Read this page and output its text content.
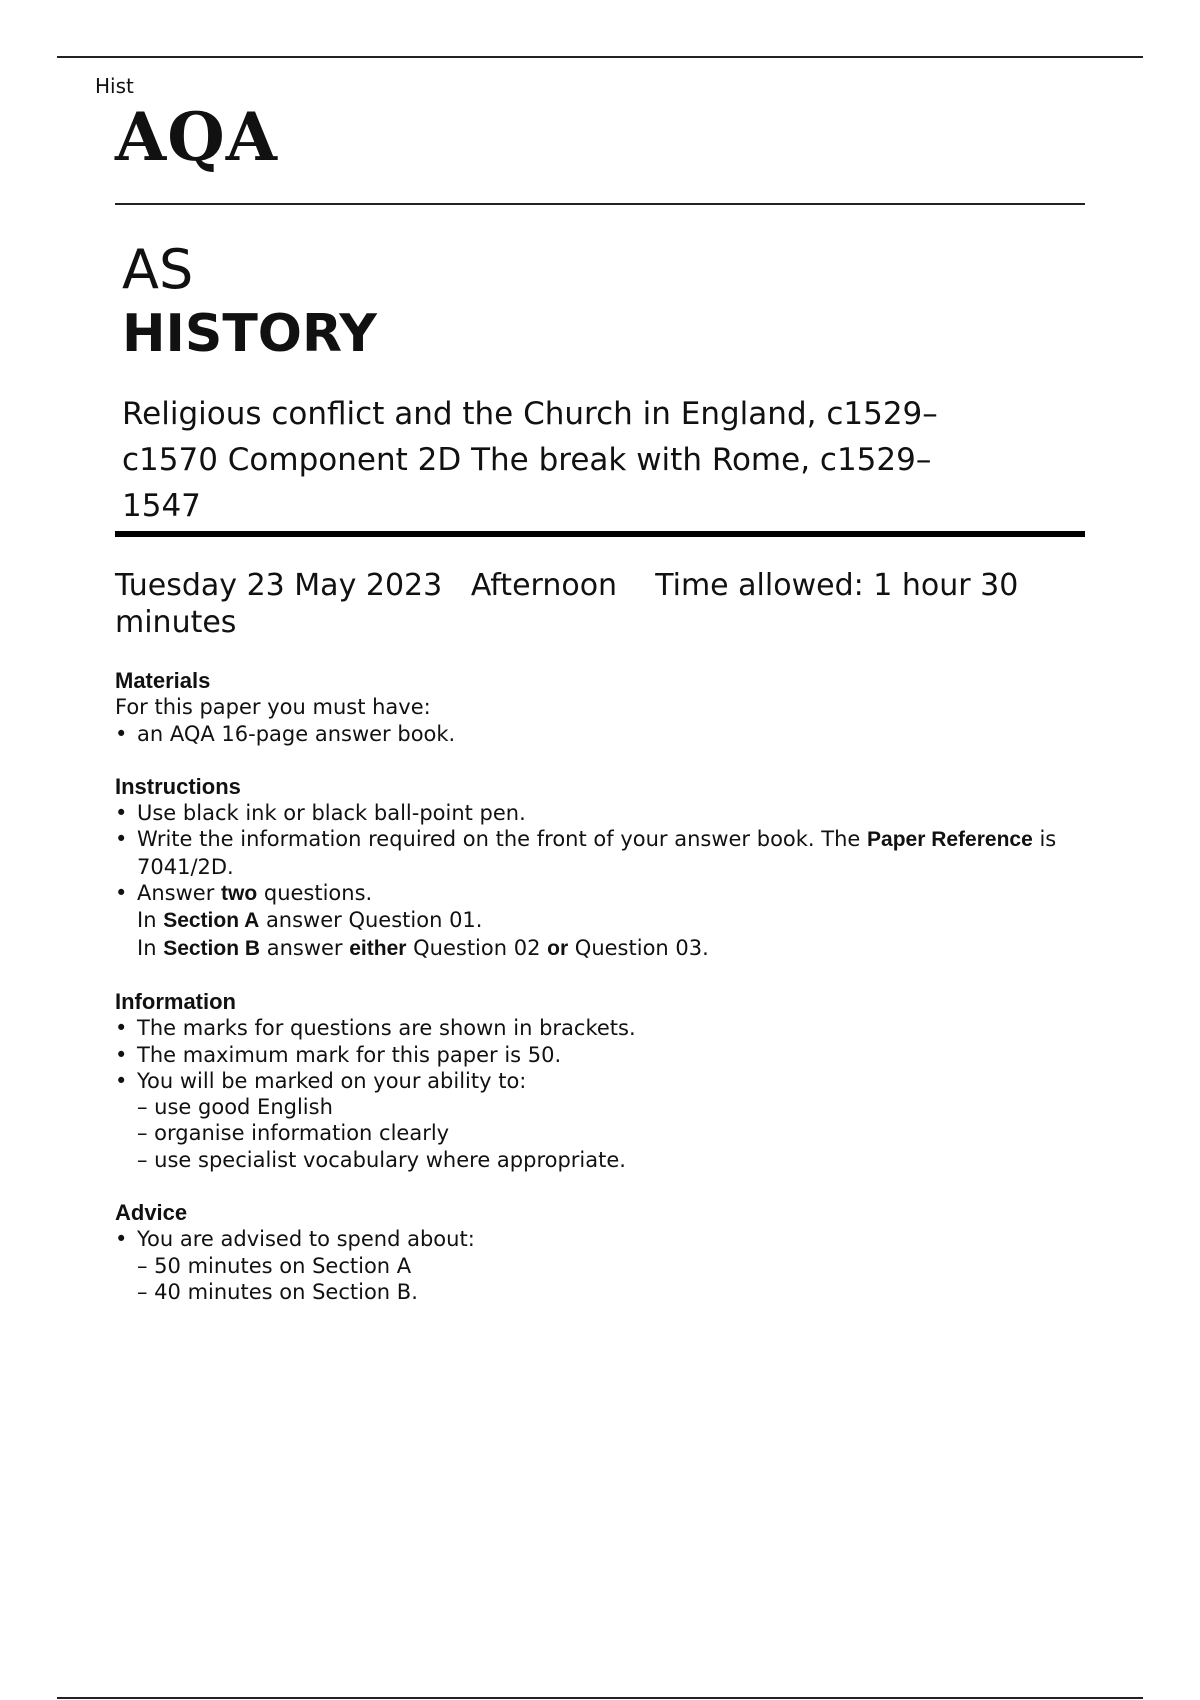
Hist
AQA
AS
HISTORY
Religious conflict and the Church in England, c1529–c1570 Component 2D The break with Rome, c1529–1547
Tuesday 23 May 2023 Afternoon Time allowed: 1 hour 30 minutes
Materials
For this paper you must have:
• an AQA 16-page answer book.
Instructions
• Use black ink or black ball-point pen.
• Write the information required on the front of your answer book. The Paper Reference is 7041/2D.
• Answer two questions.
In Section A answer Question 01.
In Section B answer either Question 02 or Question 03.
Information
• The marks for questions are shown in brackets.
• The maximum mark for this paper is 50.
• You will be marked on your ability to:
– use good English
– organise information clearly
– use specialist vocabulary where appropriate.
Advice
• You are advised to spend about:
– 50 minutes on Section A
– 40 minutes on Section B.
